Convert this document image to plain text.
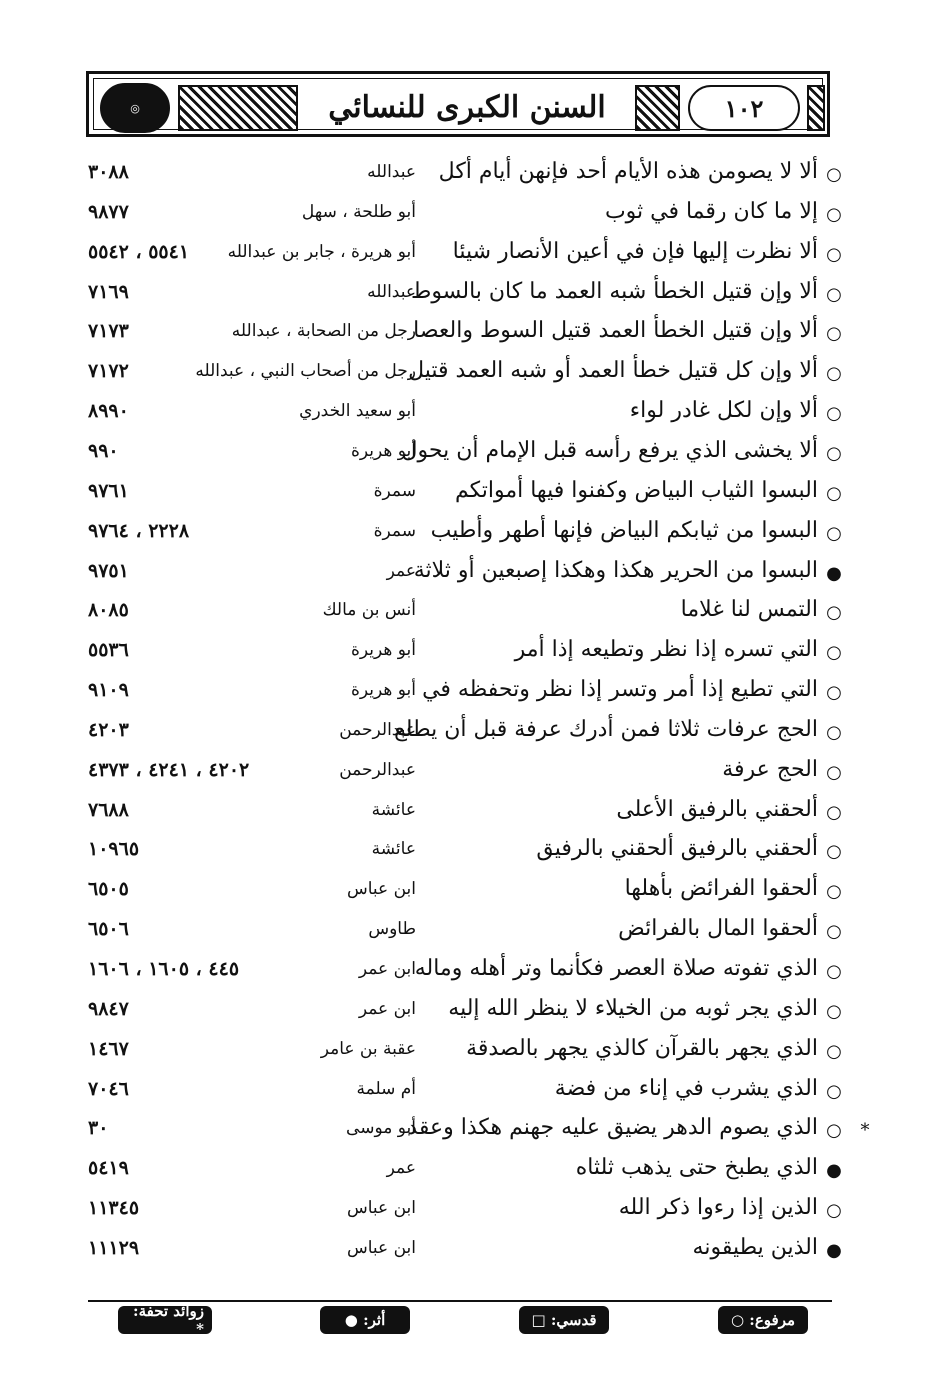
◎	السنن الكبرى للنسائي	١٠٢
○
ألا لا يصومن هذه الأيام أحد فإنهن أيام أكل
عبدالله
٣٠٨٨
○
إلا ما كان رقما في ثوب
أبو طلحة ، سهل
٩٨٧٧
○
ألا نظرت إليها فإن في أعين الأنصار شيئا
أبو هريرة ، جابر بن عبدالله
٥٥٤١ ، ٥٥٤٢
○
ألا وإن قتيل الخطأ شبه العمد ما كان بالسوط
عبدالله
٧١٦٩
○
ألا وإن قتيل الخطأ العمد قتيل السوط والعصا
رجل من الصحابة ، عبدالله
٧١٧٣
○
ألا وإن كل قتيل خطأ العمد أو شبه العمد قتيل
رجل من أصحاب النبي ، عبدالله
٧١٧٢
○
ألا وإن لكل غادر لواء
أبو سعيد الخدري
٨٩٩٠
○
ألا يخشى الذي يرفع رأسه قبل الإمام أن يحول
أبو هريرة
٩٩٠
○
البسوا الثياب البياض وكفنوا فيها أمواتكم
سمرة
٩٧٦١
○
البسوا من ثيابكم البياض فإنها أطهر وأطيب
سمرة
٢٢٢٨ ، ٩٧٦٤
●
البسوا من الحرير هكذا وهكذا إصبعين أو ثلاثة
عمر
٩٧٥١
○
التمس لنا غلاما
أنس بن مالك
٨٠٨٥
○
التي تسره إذا نظر وتطيعه إذا أمر
أبو هريرة
٥٥٣٦
○
التي تطيع إذا أمر وتسر إذا نظر وتحفظه في
أبو هريرة
٩١٠٩
○
الحج عرفات ثلاثا فمن أدرك عرفة قبل أن يطلع
عبدالرحمن
٤٢٠٣
○
الحج عرفة
عبدالرحمن
٤٢٠٢ ، ٤٢٤١ ، ٤٣٧٣
○
ألحقني بالرفيق الأعلى
عائشة
٧٦٨٨
○
ألحقني بالرفيق ألحقني بالرفيق
عائشة
١٠٩٦٥
○
ألحقوا الفرائض بأهلها
ابن عباس
٦٥٠٥
○
ألحقوا المال بالفرائض
طاوس
٦٥٠٦
○
الذي تفوته صلاة العصر فكأنما وتر أهله وماله
ابن عمر
٤٤٥ ، ١٦٠٥ ، ١٦٠٦
○
الذي يجر ثوبه من الخيلاء لا ينظر الله إليه
ابن عمر
٩٨٤٧
○
الذي يجهر بالقرآن كالذي يجهر بالصدقة
عقبة بن عامر
١٤٦٧
○
الذي يشرب في إناء من فضة
أم سلمة
٧٠٤٦
*
○
الذي يصوم الدهر يضيق عليه جهنم هكذا وعقد
أبو موسى
٣٠
●
الذي يطبخ حتى يذهب ثلثاه
عمر
٥٤١٩
○
الذين إذا رءوا ذكر الله
ابن عباس
١١٣٤٥
●
الذين يطيقونه
ابن عباس
١١١٢٩
مرفوع: ○
قدسي: □
أثر: ●
زوائد تحفة: *
